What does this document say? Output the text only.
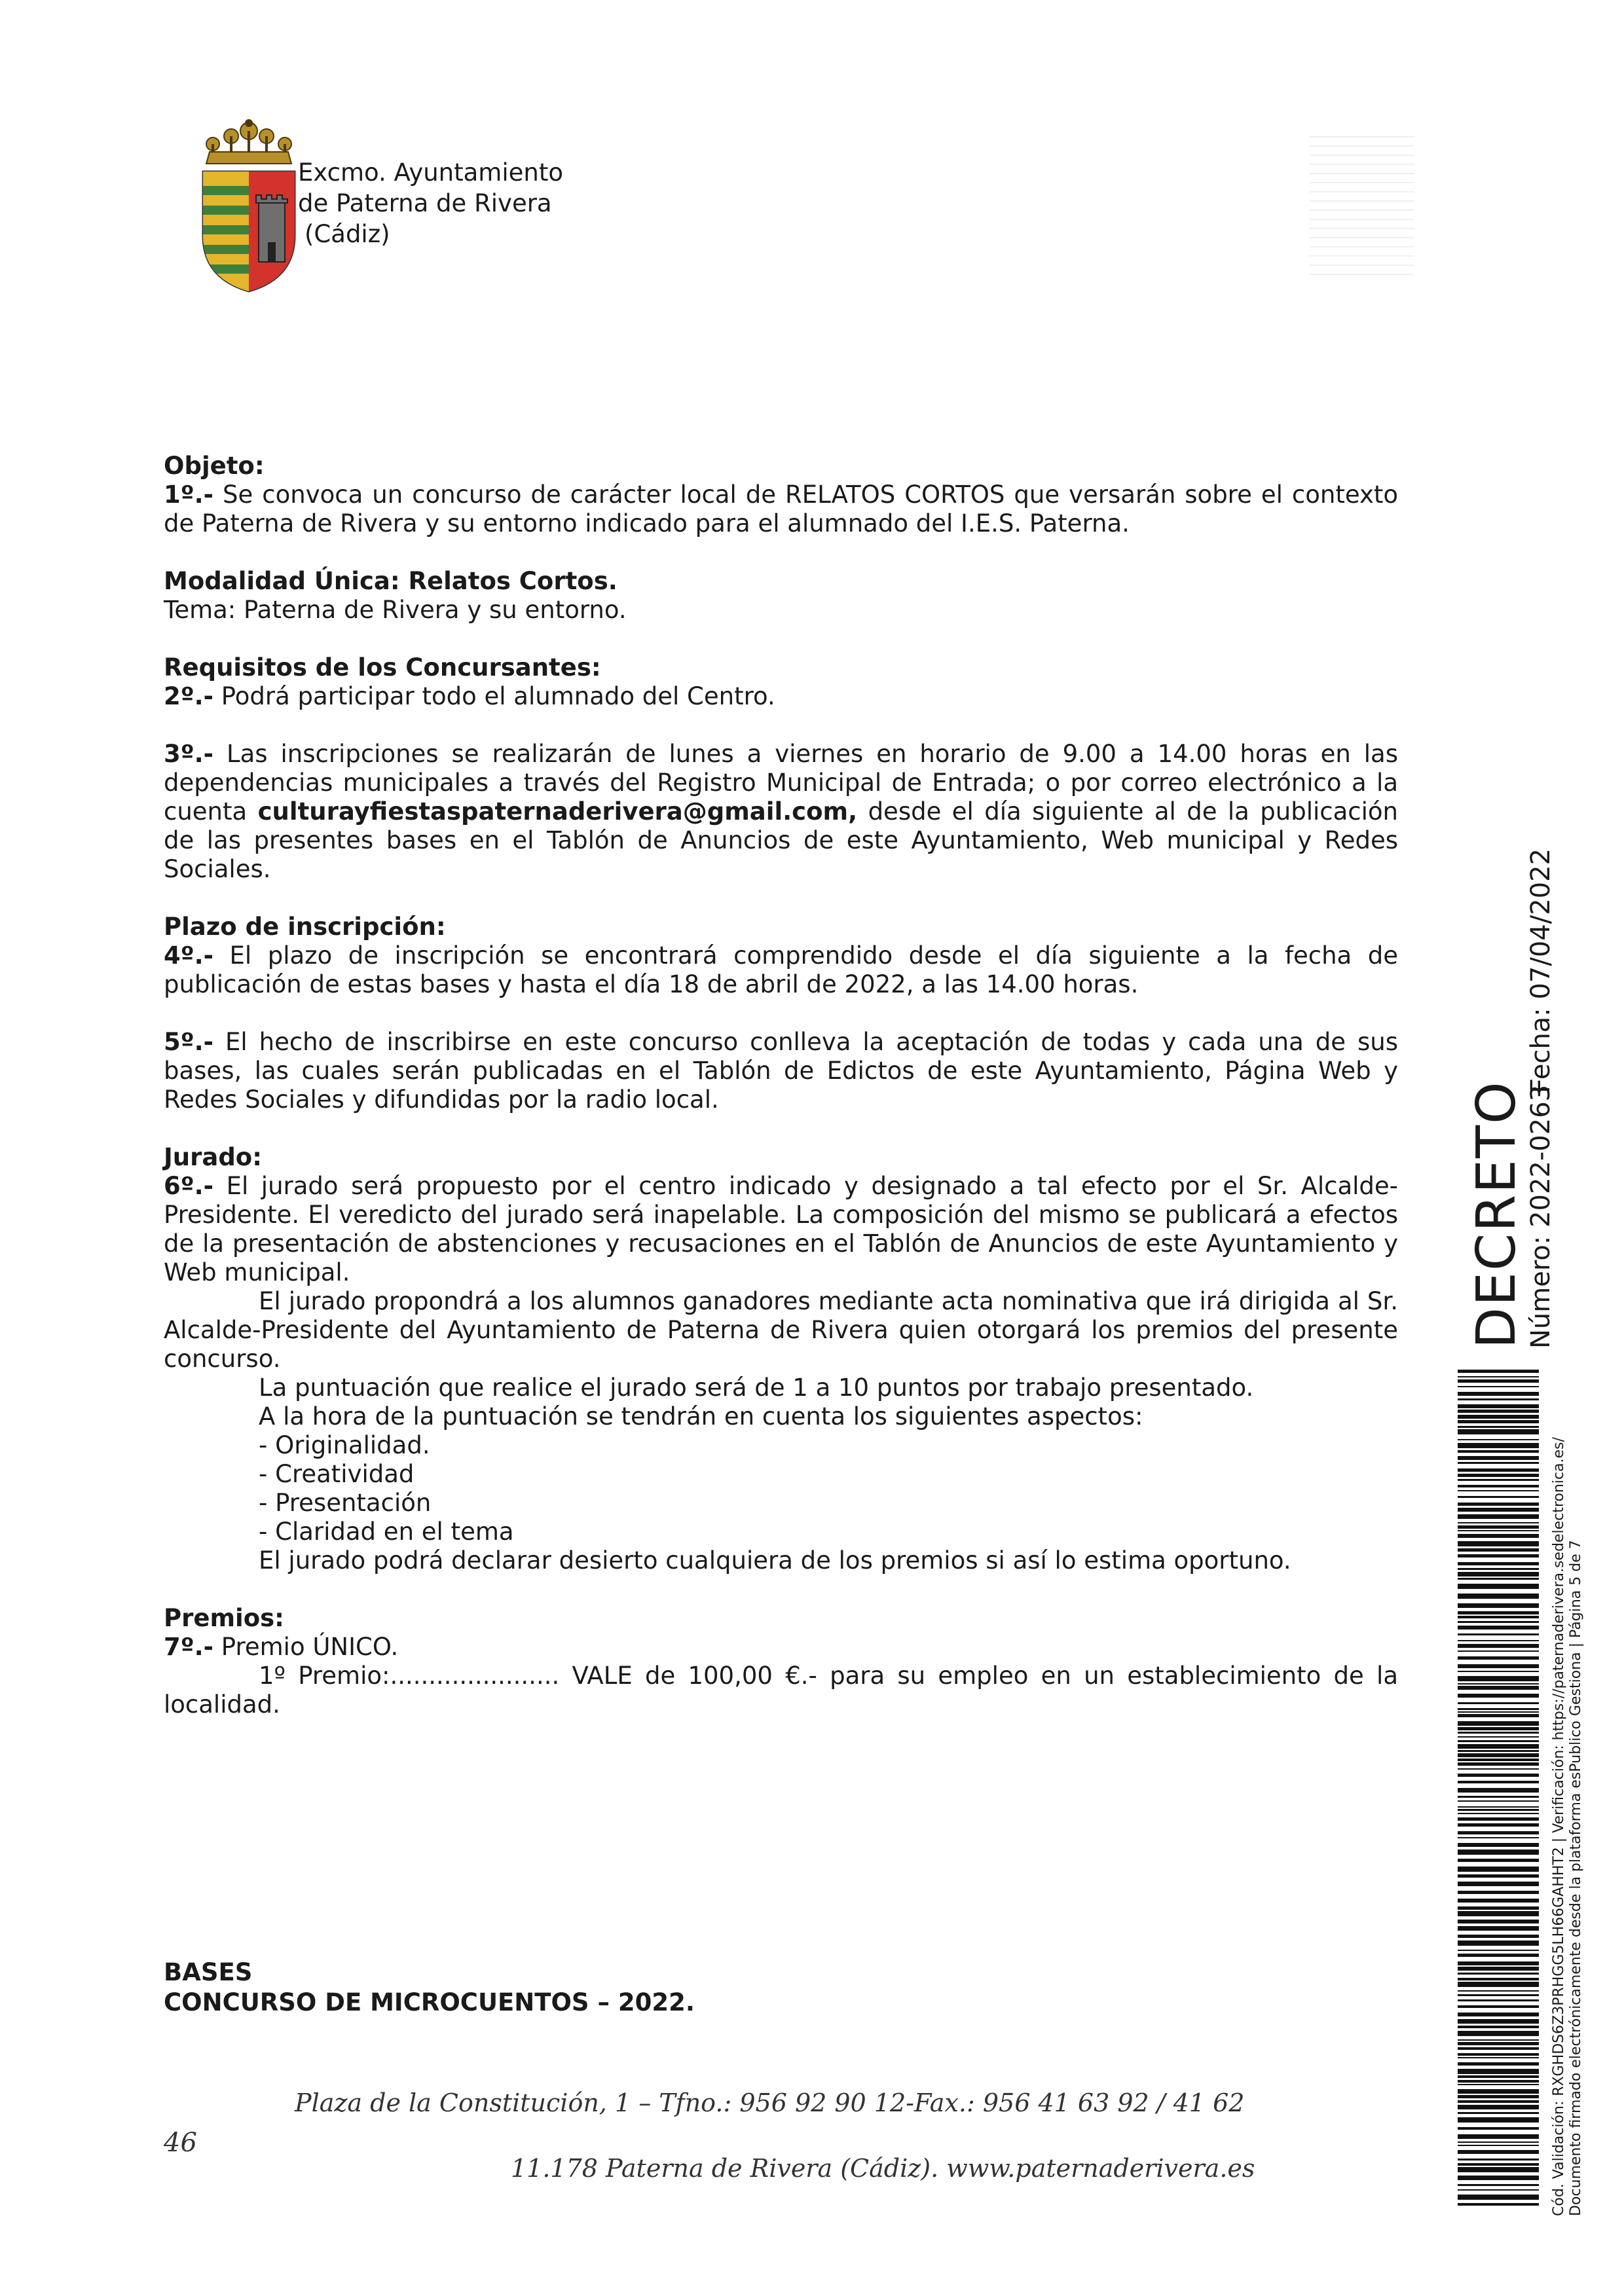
Excmo. Ayuntamiento
de Paterna de Rivera
(Cádiz)

Objeto:

1º.- Se convoca un concurso de carácter local de RELATOS CORTOS que versarán sobre el contexto de Paterna de Rivera y su entorno indicado para el alumnado del I.E.S. Paterna.

Modalidad Única: Relatos Cortos.

Tema: Paterna de Rivera y su entorno.

Requisitos de los Concursantes:

2º.- Podrá participar todo el alumnado del Centro.

3º.- Las inscripciones se realizarán de lunes a viernes en horario de 9.00 a 14.00 horas en las dependencias municipales a través del Registro Municipal de Entrada; o por correo electrónico a la cuenta culturayfiestaspaternaderivera@gmail.com, desde el día siguiente al de la publicación de las presentes bases en el Tablón de Anuncios de este Ayuntamiento, Web municipal y Redes Sociales.

Plazo de inscripción:

4º.- El plazo de inscripción se encontrará comprendido desde el día siguiente a la fecha de publicación de estas bases y hasta el día 18 de abril de 2022, a las 14.00 horas.

5º.- El hecho de inscribirse en este concurso conlleva la aceptación de todas y cada una de sus bases, las cuales serán publicadas en el Tablón de Edictos de este Ayuntamiento, Página Web y Redes Sociales y difundidas por la radio local.

Jurado:

6º.- El jurado será propuesto por el centro indicado y designado a tal efecto por el Sr. Alcalde-Presidente. El veredicto del jurado será inapelable. La composición del mismo se publicará a efectos de la presentación de abstenciones y recusaciones en el Tablón de Anuncios de este Ayuntamiento y Web municipal.

El jurado propondrá a los alumnos ganadores mediante acta nominativa que irá dirigida al Sr. Alcalde-Presidente del Ayuntamiento de Paterna de Rivera quien otorgará los premios del presente concurso.

La puntuación que realice el jurado será de 1 a 10 puntos por trabajo presentado.

A la hora de la puntuación se tendrán en cuenta los siguientes aspectos:

- Originalidad.

- Creatividad

- Presentación

- Claridad en el tema

El jurado podrá declarar desierto cualquiera de los premios si así lo estima oportuno.

Premios:

7º.- Premio ÚNICO.

1º Premio:...................... VALE de 100,00 €.- para su empleo en un establecimiento de la localidad.

BASES
CONCURSO DE MICROCUENTOS – 2022.
Plaza de la Constitución, 1 – Tfno.: 956 92 90 12-Fax.: 956 41 63 92 / 41 62
46
11.178 Paterna de Rivera (Cádiz). www.paternaderivera.es
DECRETO
Número: 2022-0263
Fecha: 07/04/2022
Cód. Validación: RXGHDS6Z3PRHGG5LH66GAHHT2 | Verificación: https://paternaderivera.sedelectronica.es/ Documento firmado electrónicamente desde la plataforma esPublico Gestiona | Página 5 de 7
